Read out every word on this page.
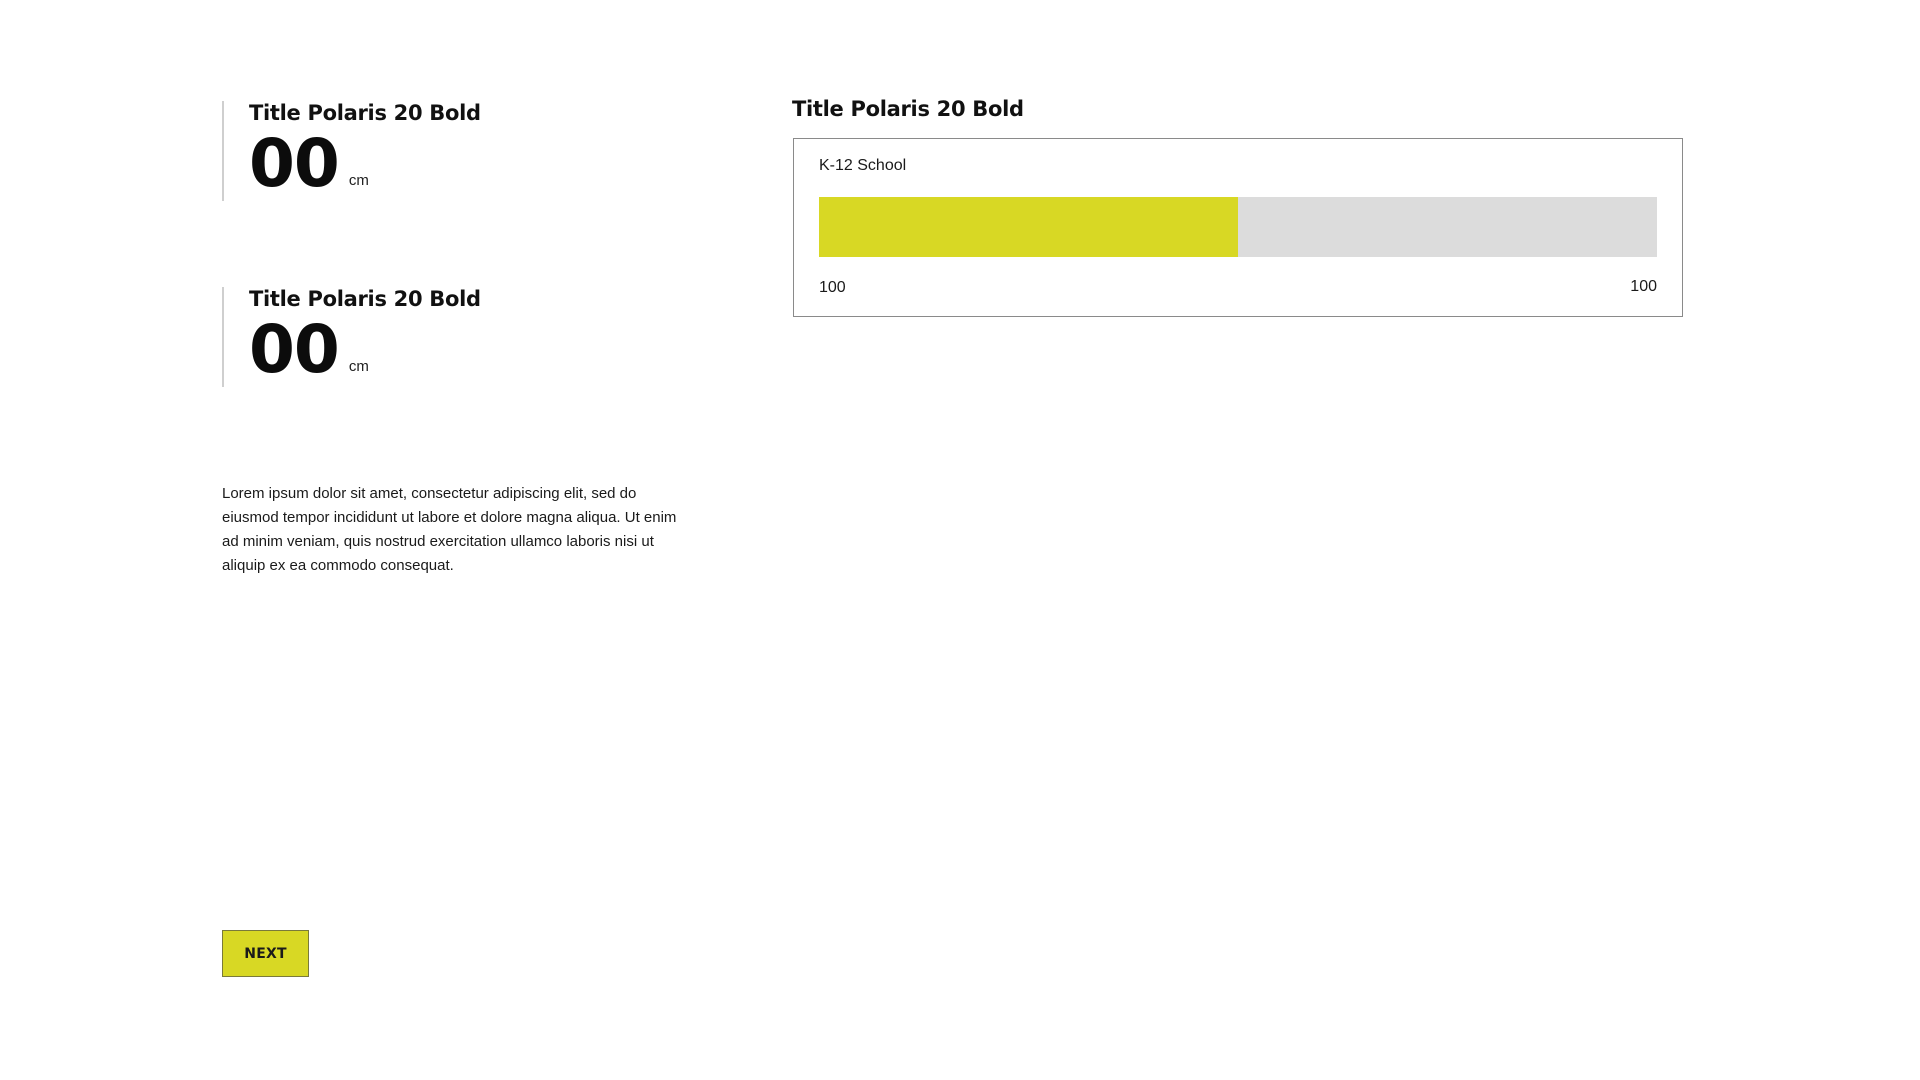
Title Polaris 20 Bold
00 cm
Title Polaris 20 Bold
00 cm

Lorem ipsum dolor sit amet, consectetur adipiscing elit, sed do eiusmod tempor incididunt ut labore et dolore magna aliqua. Ut enim ad minim veniam, quis nostrud exercitation ullamco laboris nisi ut aliquip ex ea commodo consequat.

NEXT
Title Polaris 20 Bold
K-12 School
100	100
